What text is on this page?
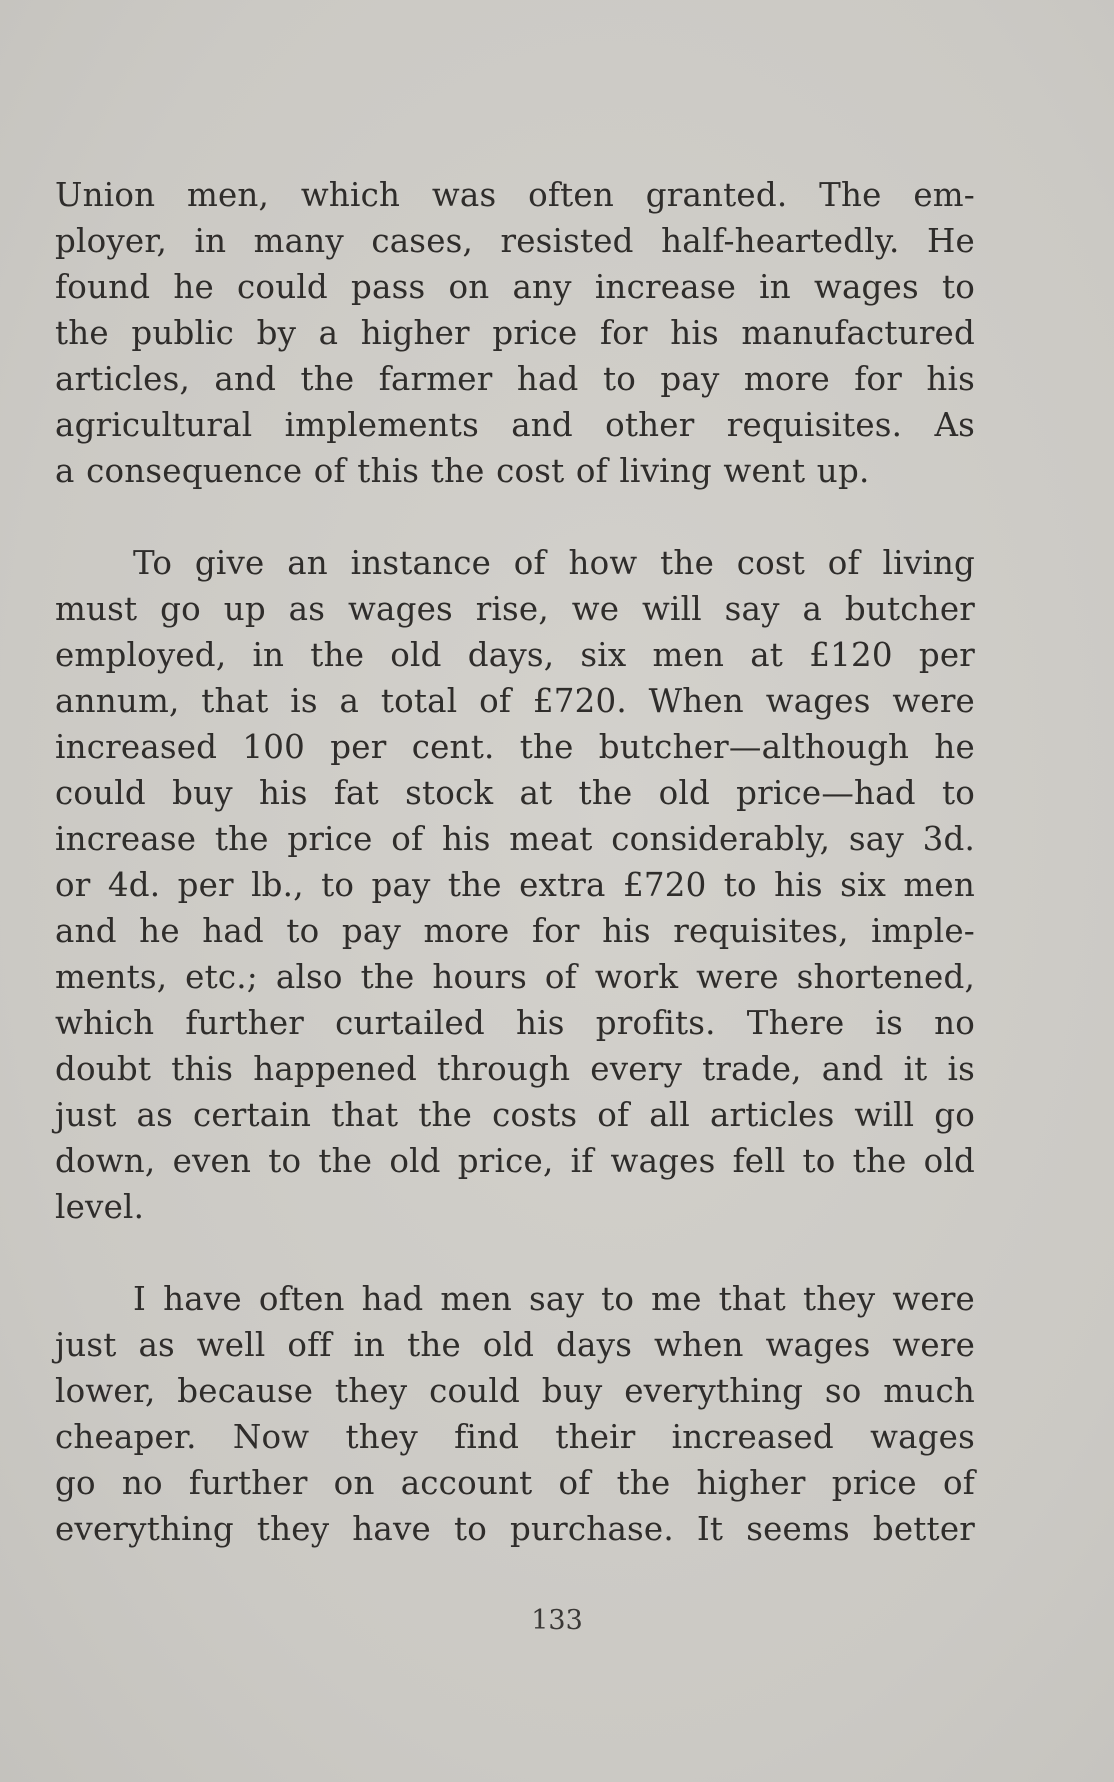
Union men, which was often granted. The em-
ployer, in many cases, resisted half-heartedly. He
found he could pass on any increase in wages to
the public by a higher price for his manufactured
articles, and the farmer had to pay more for his
agricultural implements and other requisites. As
a consequence of this the cost of living went up.

To give an instance of how the cost of living
must go up as wages rise, we will say a butcher
employed, in the old days, six men at £120 per
annum, that is a total of £720. When wages were
increased 100 per cent. the butcher—although he
could buy his fat stock at the old price—had to
increase the price of his meat considerably, say 3d.
or 4d. per lb., to pay the extra £720 to his six men
and he had to pay more for his requisites, imple-
ments, etc.; also the hours of work were shortened,
which further curtailed his profits. There is no
doubt this happened through every trade, and it is
just as certain that the costs of all articles will go
down, even to the old price, if wages fell to the old
level.

I have often had men say to me that they were
just as well off in the old days when wages were
lower, because they could buy everything so much
cheaper. Now they find their increased wages
go no further on account of the higher price of
everything they have to purchase. It seems better

133
